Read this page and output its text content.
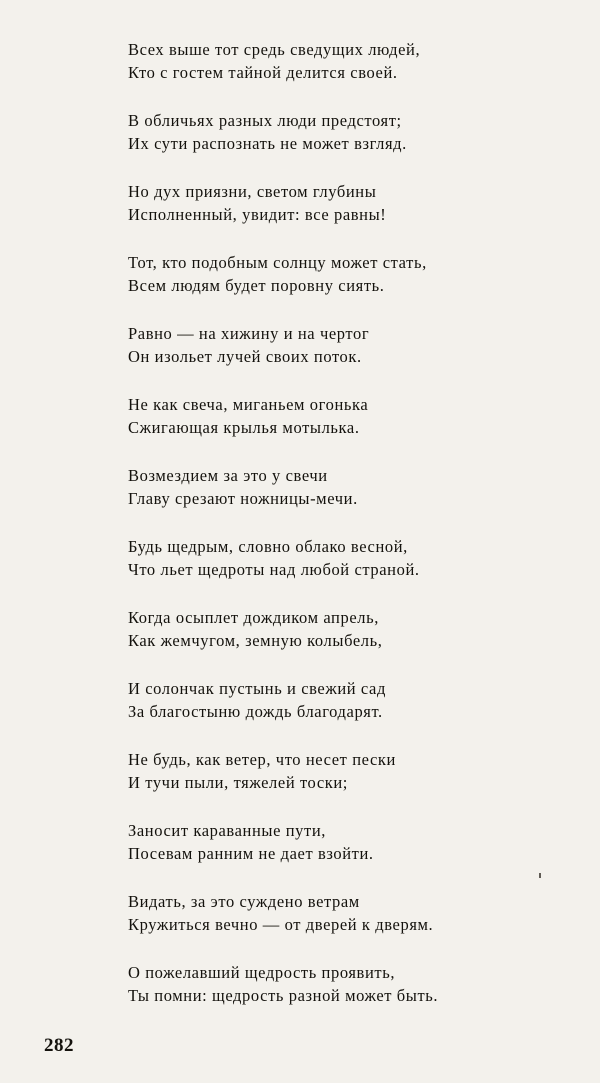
Всех выше тот средь сведущих людей,
Кто с гостем тайной делится своей.
В обличьях разных люди предстоят;
Их сути распознать не может взгляд.
Но дух приязни, светом глубины
Исполненный, увидит: все равны!
Тот, кто подобным солнцу может стать,
Всем людям будет поровну сиять.
Равно — на хижину и на чертог
Он изольет лучей своих поток.
Не как свеча, миганьем огонька
Сжигающая крылья мотылька.
Возмездием за это у свечи
Главу срезают ножницы-мечи.
Будь щедрым, словно облако весной,
Что льет щедроты над любой страной.
Когда осыплет дождиком апрель,
Как жемчугом, земную колыбель,
И солончак пустынь и свежий сад
За благостыню дождь благодарят.
Не будь, как ветер, что несет пески
И тучи пыли, тяжелей тоски;
Заносит караванные пути,
Посевам ранним не дает взойти.
Видать, за это суждено ветрам
Кружиться вечно — от дверей к дверям.
О пожелавший щедрость проявить,
Ты помни: щедрость разной может быть.
282
